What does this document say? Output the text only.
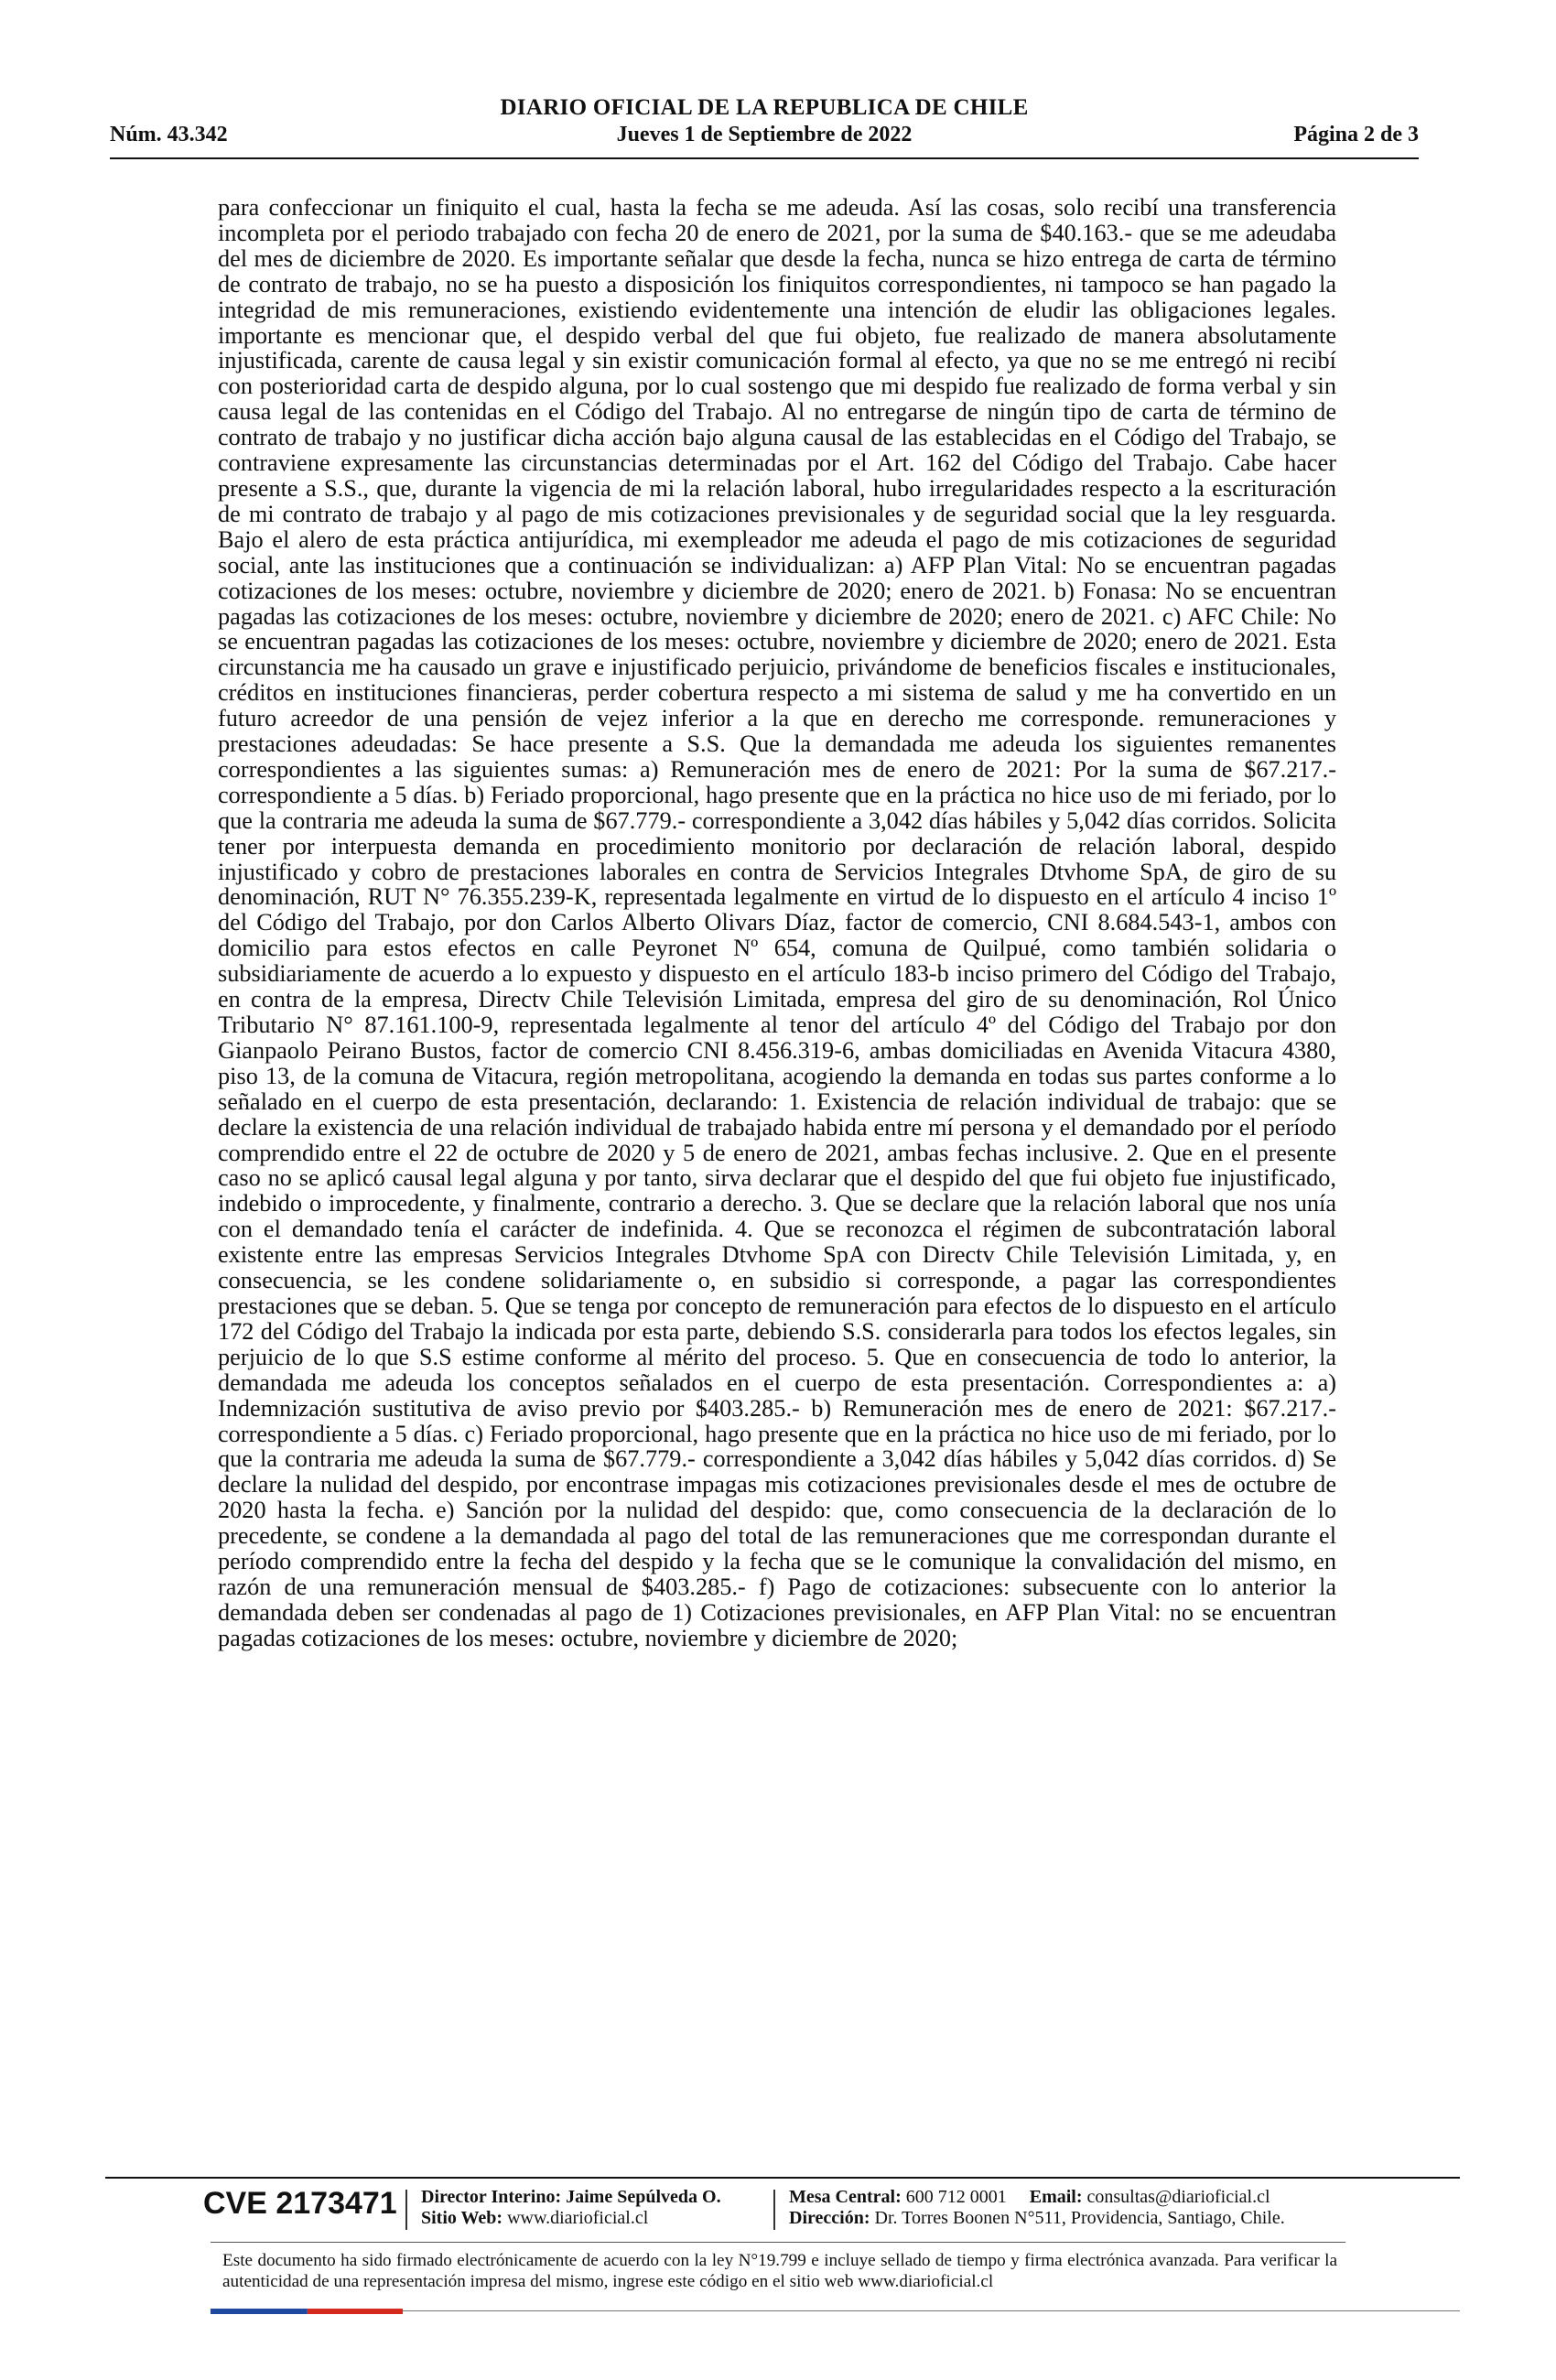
DIARIO OFICIAL DE LA REPUBLICA DE CHILE
Núm. 43.342	Jueves 1 de Septiembre de 2022	Página 2 de 3

para confeccionar un finiquito el cual, hasta la fecha se me adeuda. Así las cosas, solo recibí una transferencia incompleta por el periodo trabajado con fecha 20 de enero de 2021, por la suma de $40.163.- que se me adeudaba del mes de diciembre de 2020. Es importante señalar que desde la fecha, nunca se hizo entrega de carta de término de contrato de trabajo, no se ha puesto a disposición los finiquitos correspondientes, ni tampoco se han pagado la integridad de mis remuneraciones, existiendo evidentemente una intención de eludir las obligaciones legales. importante es mencionar que, el despido verbal del que fui objeto, fue realizado de manera absolutamente injustificada, carente de causa legal y sin existir comunicación formal al efecto, ya que no se me entregó ni recibí con posterioridad carta de despido alguna, por lo cual sostengo que mi despido fue realizado de forma verbal y sin causa legal de las contenidas en el Código del Trabajo. Al no entregarse de ningún tipo de carta de término de contrato de trabajo y no justificar dicha acción bajo alguna causal de las establecidas en el Código del Trabajo, se contraviene expresamente las circunstancias determinadas por el Art. 162 del Código del Trabajo. Cabe hacer presente a S.S., que, durante la vigencia de mi la relación laboral, hubo irregularidades respecto a la escrituración de mi contrato de trabajo y al pago de mis cotizaciones previsionales y de seguridad social que la ley resguarda. Bajo el alero de esta práctica antijurídica, mi exempleador me adeuda el pago de mis cotizaciones de seguridad social, ante las instituciones que a continuación se individualizan: a) AFP Plan Vital: No se encuentran pagadas cotizaciones de los meses: octubre, noviembre y diciembre de 2020; enero de 2021. b) Fonasa: No se encuentran pagadas las cotizaciones de los meses: octubre, noviembre y diciembre de 2020; enero de 2021. c) AFC Chile: No se encuentran pagadas las cotizaciones de los meses: octubre, noviembre y diciembre de 2020; enero de 2021. Esta circunstancia me ha causado un grave e injustificado perjuicio, privándome de beneficios fiscales e institucionales, créditos en instituciones financieras, perder cobertura respecto a mi sistema de salud y me ha convertido en un futuro acreedor de una pensión de vejez inferior a la que en derecho me corresponde. remuneraciones y prestaciones adeudadas: Se hace presente a S.S. Que la demandada me adeuda los siguientes remanentes correspondientes a las siguientes sumas: a) Remuneración mes de enero de 2021: Por la suma de $67.217.- correspondiente a 5 días. b) Feriado proporcional, hago presente que en la práctica no hice uso de mi feriado, por lo que la contraria me adeuda la suma de $67.779.- correspondiente a 3,042 días hábiles y 5,042 días corridos. Solicita tener por interpuesta demanda en procedimiento monitorio por declaración de relación laboral, despido injustificado y cobro de prestaciones laborales en contra de Servicios Integrales Dtvhome SpA, de giro de su denominación, RUT N° 76.355.239-K, representada legalmente en virtud de lo dispuesto en el artículo 4 inciso 1º del Código del Trabajo, por don Carlos Alberto Olivars Díaz, factor de comercio, CNI 8.684.543-1, ambos con domicilio para estos efectos en calle Peyronet Nº 654, comuna de Quilpué, como también solidaria o subsidiariamente de acuerdo a lo expuesto y dispuesto en el artículo 183-b inciso primero del Código del Trabajo, en contra de la empresa, Directv Chile Televisión Limitada, empresa del giro de su denominación, Rol Único Tributario N° 87.161.100-9, representada legalmente al tenor del artículo 4º del Código del Trabajo por don Gianpaolo Peirano Bustos, factor de comercio CNI 8.456.319-6, ambas domiciliadas en Avenida Vitacura 4380, piso 13, de la comuna de Vitacura, región metropolitana, acogiendo la demanda en todas sus partes conforme a lo señalado en el cuerpo de esta presentación, declarando: 1. Existencia de relación individual de trabajo: que se declare la existencia de una relación individual de trabajado habida entre mí persona y el demandado por el período comprendido entre el 22 de octubre de 2020 y 5 de enero de 2021, ambas fechas inclusive. 2. Que en el presente caso no se aplicó causal legal alguna y por tanto, sirva declarar que el despido del que fui objeto fue injustificado, indebido o improcedente, y finalmente, contrario a derecho. 3. Que se declare que la relación laboral que nos unía con el demandado tenía el carácter de indefinida. 4. Que se reconozca el régimen de subcontratación laboral existente entre las empresas Servicios Integrales Dtvhome SpA con Directv Chile Televisión Limitada, y, en consecuencia, se les condene solidariamente o, en subsidio si corresponde, a pagar las correspondientes prestaciones que se deban. 5. Que se tenga por concepto de remuneración para efectos de lo dispuesto en el artículo 172 del Código del Trabajo la indicada por esta parte, debiendo S.S. considerarla para todos los efectos legales, sin perjuicio de lo que S.S estime conforme al mérito del proceso. 5. Que en consecuencia de todo lo anterior, la demandada me adeuda los conceptos señalados en el cuerpo de esta presentación. Correspondientes a: a) Indemnización sustitutiva de aviso previo por $403.285.- b) Remuneración mes de enero de 2021: $67.217.- correspondiente a 5 días. c) Feriado proporcional, hago presente que en la práctica no hice uso de mi feriado, por lo que la contraria me adeuda la suma de $67.779.- correspondiente a 3,042 días hábiles y 5,042 días corridos. d) Se declare la nulidad del despido, por encontrase impagas mis cotizaciones previsionales desde el mes de octubre de 2020 hasta la fecha. e) Sanción por la nulidad del despido: que, como consecuencia de la declaración de lo precedente, se condene a la demandada al pago del total de las remuneraciones que me correspondan durante el período comprendido entre la fecha del despido y la fecha que se le comunique la convalidación del mismo, en razón de una remuneración mensual de $403.285.- f) Pago de cotizaciones: subsecuente con lo anterior la demandada deben ser condenadas al pago de 1) Cotizaciones previsionales, en AFP Plan Vital: no se encuentran pagadas cotizaciones de los meses: octubre, noviembre y diciembre de 2020;

CVE 2173471 Director Interino: Jaime Sepúlveda O.
Sitio Web: www.diarioficial.cl
Mesa Central: 600 712 0001 Email: consultas@diarioficial.cl
Dirección: Dr. Torres Boonen N°511, Providencia, Santiago, Chile.
Este documento ha sido firmado electrónicamente de acuerdo con la ley N°19.799 e incluye sellado de tiempo y firma electrónica avanzada. Para verificar la autenticidad de una representación impresa del mismo, ingrese este código en el sitio web www.diarioficial.cl
